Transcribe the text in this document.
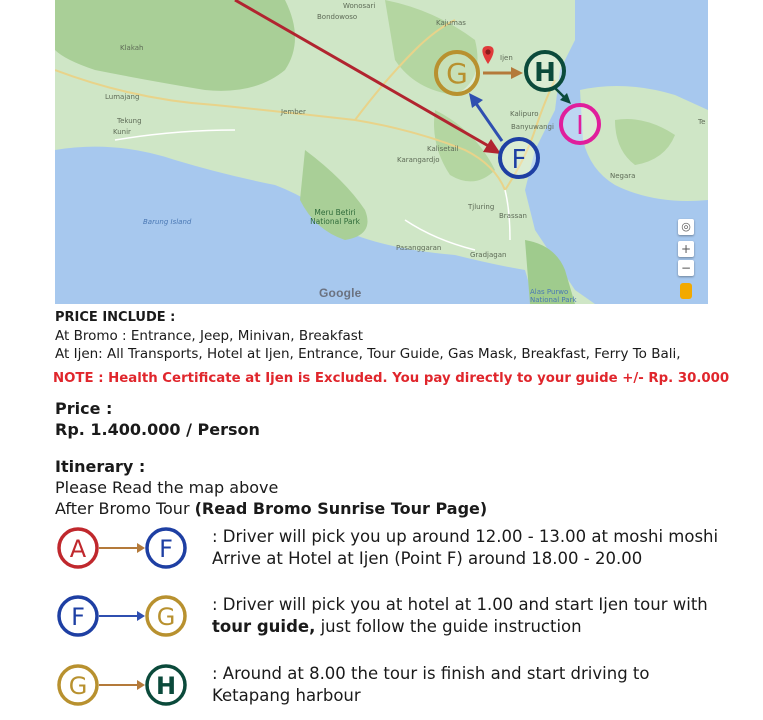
G	H
I
F
Wonosari
Bondowoso
Kajumas
Klakah
Ijen
Lumajang
Jember	Kalipuro
Tekung
Kunir
Banyuwangi
Kalisetail
Karangardjo
Negara
Te
Barung Island
Meru Betiri National Park
Tjluring
Brassan
Pasanggaran
Gradjagan
Alas Purwo National Park
◎
+
−
Google
PRICE INCLUDE :
At Bromo : Entrance, Jeep, Minivan, Breakfast
At Ijen: All Transports, Hotel at Ijen, Entrance, Tour Guide, Gas Mask, Breakfast, Ferry To Bali,
NOTE : Health Certificate at Ijen is Excluded. You pay directly to your guide +/- Rp. 30.000
Price :
Rp. 1.400.000 / Person
Itinerary :
Please Read the map above
After Bromo Tour (Read Bromo Sunrise Tour Page)
A	F : Driver will pick you up around 12.00 - 13.00 at moshi moshi
Arrive at Hotel at Ijen (Point F) around 18.00 - 20.00
F	G : Driver will pick you at hotel at 1.00 and start Ijen tour with
tour guide, just follow the guide instruction
G	H : Around at 8.00 the tour is finish and start driving to
Ketapang harbour
